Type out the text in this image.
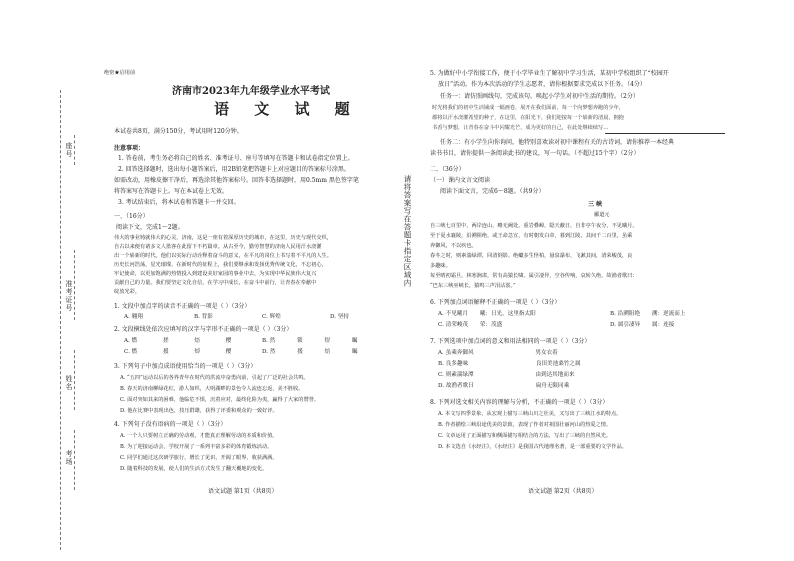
座号
准考证号
姓名
考场
绝密★启用前
济南市2023年九年级学业水平考试
语 文 试 题
本试卷共8页，满分150分，考试用时120分钟。
注意事项：
1. 答卷前，考生务必将自己的姓名、准考证号、座号等填写在答题卡和试卷指定位置上。
2. 回答选择题时，选出每小题答案后，用2B铅笔把答题卡上对应题目的答案标号涂黑。
如需改动，用橡皮擦干净后，再选涂其他答案标号。回答非选择题时，用0.5mm 黑色签字笔
将答案写在答题卡上。写在本试卷上无效。
3. 考试结束后，将本试卷和答题卡一并交回。
一、（16分）
阅读下文，完成1～2题。
伟大的事业铸就伟大的心灵，济南，这是一座有着深厚历史的城市，在这里，历史与现代交织，
自古以来便有诸多文人墨客在此留下不朽篇章。从古至今，勤劳智慧的济南人民用汗水浇灌
出一个崭新的时代。他们以实际行动诠释着奋斗的意义，在平凡的岗位上书写着不平凡的人生。
历史长河浩荡，星光璀璨。在新时代的征程上，我们要继承和发扬优秀传统文化，不忘初心，
牢记使命，以更加饱满的热情投入到建设美好家园的事业中去，为实现中华民族伟大复兴
贡献自己的力量。我们要坚定文化自信，在学习中成长，在奋斗中前行，让青春在奉献中
绽放光彩。
1. 文段中加点字的读音不正确的一项是（ ）（3分）
A. 翱翔	B. 背影	C. 辉煌	D. 坚持
2. 文段横线处依次应填写的汉字与字形不正确的一项是（ ）（3分）
A. 燃	搓	焙	樱	B. 然	锁	煜	瞩
C. 燃	援	焯	樱	D. 然	援	焙	瞩
3. 下列句子中加点成语使用恰当的一项是（ ）（3分）
A. “五四”运动以后的各界青年在时代的洪流中奋勇向前，引起了广泛的社会共鸣。
B. 春天的济南柳绿花红，游人如织，大明湖畔的景色令人流连忘返，美不胜收。
C. 面对突如其来的困难，他临危不惧，沉着应对，最终化险为夷，赢得了大家的赞誉。
D. 他在比赛中表现出色，技压群雄，获得了评委和观众的一致好评。
4. 下列句子没有语病的一项是（ ）（3分）
A. 一个人只要树立正确的劳动观，才能真正理解劳动的本质和价值。
B. 为了迎接运动会，学校开展了一系列丰富多彩的体育锻炼活动。
C. 同学们通过这次研学旅行，增长了见识，开阔了眼界，收获满满。
D. 随着科技的发展，使人们的生活方式发生了翻天覆地的变化。
语文试题 第1页（共8页）
请将答案写在答题卡指定区域内
5. 为做好中小学衔接工作，便于小学毕业生了解初中学习生活，某初中学校组织了“校园开
放日”活动。作为本次活动的学生志愿者，请你根据要求完成以下任务。（4分）
任务一：请仿照画线句，完成该句。唤起小学生对初中生活的期待。（2分）
时光将我们的初中生活铺成一幅画卷，展开在我们面前，每一个向梦想奔跑的少年，
都将以汗水浇灌希望的种子，在这里，在阳光下，我们迎接每一个崭新的清晨，拥抱
书香与梦想，让青春在奋斗中闪耀光芒，成为更好的自己，在此处继续续写…
任务二：有小学生向你询问，他特别喜欢读对初中课程有关的古诗词，请你推荐一本经典
读书书目，请你提供一条阅读此书的建议，写一句话。（不超过15个字）（2分）
二、（36分）
（一）课内文言文阅读
阅读下面文言，完成6～8题。（共9分）
三 峡
郦道元
自三峡七百里中，两岸连山，略无阙处。重岩叠嶂，隐天蔽日，自非亭午夜分，不见曦月。
至于夏水襄陵，沿溯阻绝。或王命急宣，有时朝发白帝，暮到江陵，其间千二百里，虽乘
奔御风，不以疾也。
春冬之时，则素湍绿潭，回清倒影。绝巘多生怪柏，悬泉瀑布，飞漱其间，清荣峻茂，良
多趣味。
每至晴初霜旦，林寒涧肃，常有高猿长啸，属引凄异，空谷传响，哀转久绝。故渔者歌曰：
“巴东三峡巫峡长，猿鸣三声泪沾裳。”
6. 下列加点词语解释不正确的一项是（ ）（3分）
A. 不见曦月 曦：日光，这里指太阳	B. 沿溯阻绝 溯：逆流而上
C. 清荣峻茂 荣：茂盛	D. 属引凄异 属：连接
7. 下列选项中加点词的意义和用法相同的一项是（ ）（3分）
A. 虽乘奔御风	男女衣着
B. 良多趣味	良田美池桑竹之属
C. 则素湍绿潭	由到达其地而来
D. 故渔者歌曰	扁舟无限同乘
8. 下列对选文相关内容的理解与分析，不正确的一项是（ ）（3分）
A. 本文写四季景象，从宏观上描写三峡山川之壮美，又写出了三峡江水的特点。
B. 作者描绘三峡沿途优美的景致，表现了作者对祖国壮丽河山的热爱之情。
C. 文章运用了正面描写和侧面描写相结合的方法，写出了三峡的自然风光。
D. 本文选自《水经注》，《水经注》是我国古代地理名著，是一部重要的文学作品。
语文试题 第2页（共8页）
